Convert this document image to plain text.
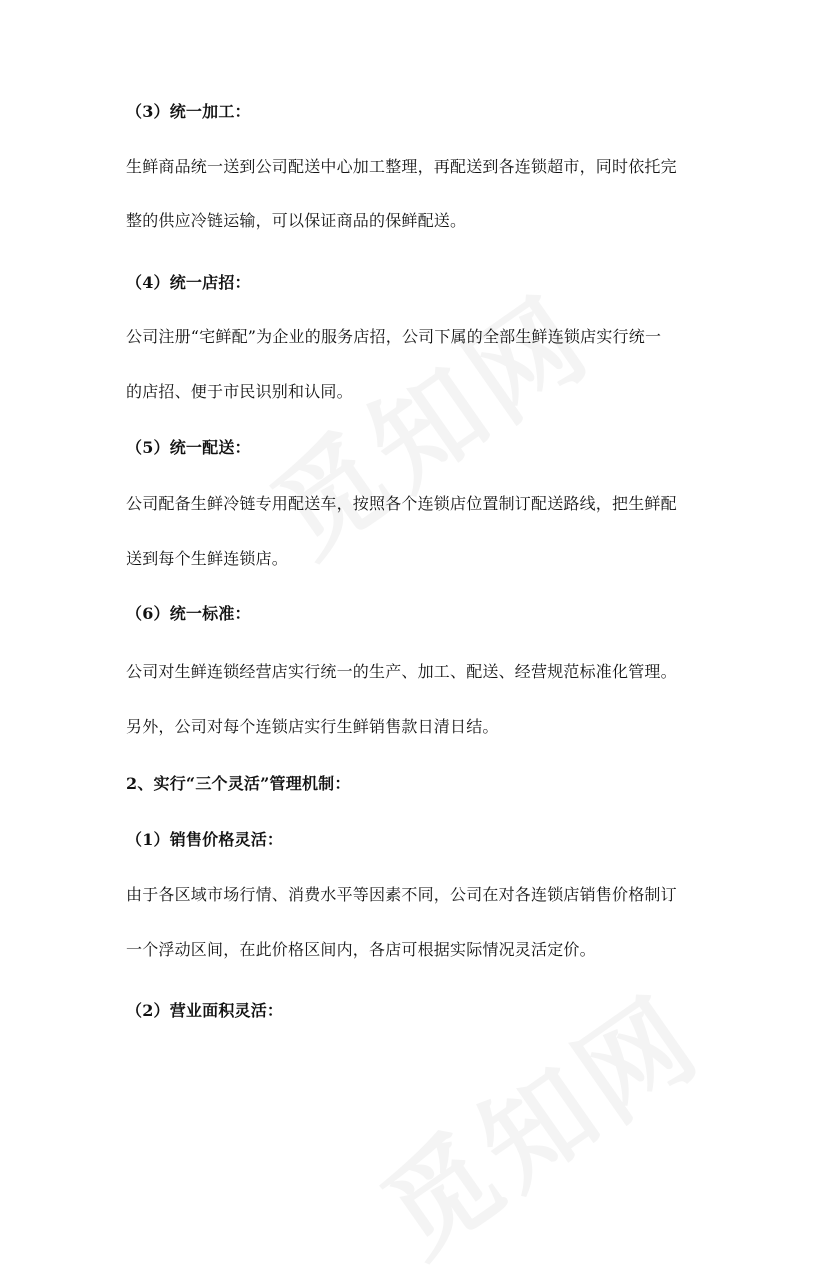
（3）统一加工：
生鲜商品统一送到公司配送中心加工整理，再配送到各连锁超市，同时依托完
整的供应冷链运输，可以保证商品的保鲜配送。
（4）统一店招：
公司注册“宅鲜配”为企业的服务店招，公司下属的全部生鲜连锁店实行统一
的店招、便于市民识别和认同。
（5）统一配送：
公司配备生鲜冷链专用配送车，按照各个连锁店位置制订配送路线，把生鲜配
送到每个生鲜连锁店。
（6）统一标准：
公司对生鲜连锁经营店实行统一的生产、加工、配送、经营规范标准化管理。
另外，公司对每个连锁店实行生鲜销售款日清日结。
2、实行“三个灵活”管理机制：
（1）销售价格灵活：
由于各区域市场行情、消费水平等因素不同，公司在对各连锁店销售价格制订
一个浮动区间，在此价格区间内，各店可根据实际情况灵活定价。
（2）营业面积灵活：
